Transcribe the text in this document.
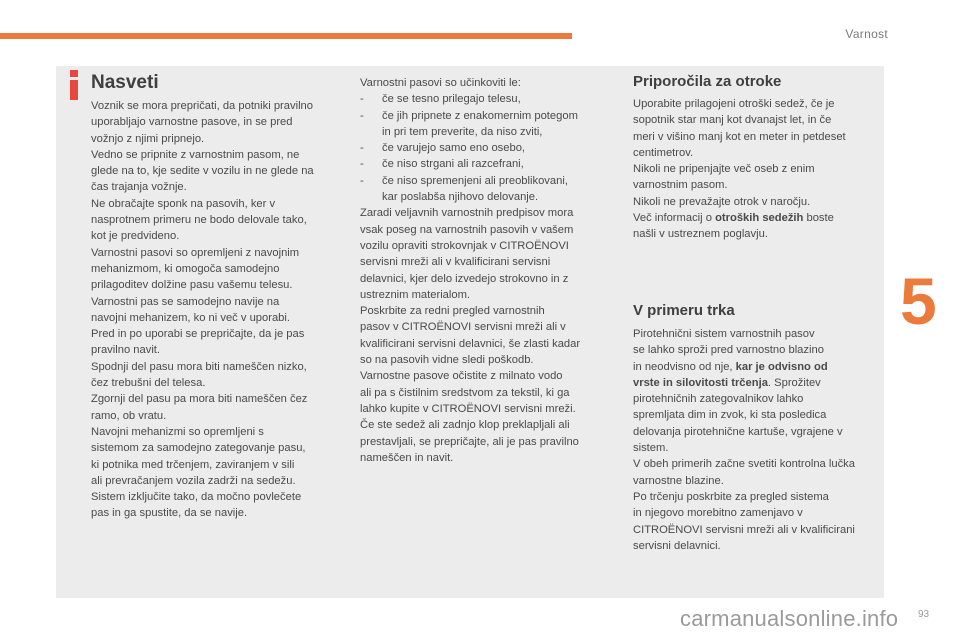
Varnost
5
Nasveti

Voznik se mora prepričati, da potniki pravilno

uporabljajo varnostne pasove, in se pred

vožnjo z njimi pripnejo.

Vedno se pripnite z varnostnim pasom, ne

glede na to, kje sedite v vozilu in ne glede na

čas trajanja vožnje.

Ne obračajte sponk na pasovih, ker v

nasprotnem primeru ne bodo delovale tako,

kot je predvideno.

Varnostni pasovi so opremljeni z navojnim

mehanizmom, ki omogoča samodejno

prilagoditev dolžine pasu vašemu telesu.

Varnostni pas se samodejno navije na

navojni mehanizem, ko ni več v uporabi.

Pred in po uporabi se prepričajte, da je pas

pravilno navit.

Spodnji del pasu mora biti nameščen nizko,

čez trebušni del telesa.

Zgornji del pasu pa mora biti nameščen čez

ramo, ob vratu.

Navojni mehanizmi so opremljeni s

sistemom za samodejno zategovanje pasu,

ki potnika med trčenjem, zaviranjem v sili

ali prevračanjem vozila zadrži na sedežu.

Sistem izključite tako, da močno povlečete

pas in ga spustite, da se navije.

Varnostni pasovi so učinkoviti le:

-	če se tesno prilegajo telesu,
-	če jih pripnete z enakomernim potegom

in pri tem preverite, da niso zviti,

-	če varujejo samo eno osebo,
-	če niso strgani ali razcefrani,
-	če niso spremenjeni ali preoblikovani,

kar poslabša njihovo delovanje.

Zaradi veljavnih varnostnih predpisov mora

vsak poseg na varnostnih pasovih v vašem

vozilu opraviti strokovnjak v CITROËNOVI

servisni mreži ali v kvalificirani servisni

delavnici, kjer delo izvedejo strokovno in z

ustreznim materialom.

Poskrbite za redni pregled varnostnih

pasov v CITROËNOVI servisni mreži ali v

kvalificirani servisni delavnici, še zlasti kadar

so na pasovih vidne sledi poškodb.

Varnostne pasove očistite z milnato vodo

ali pa s čistilnim sredstvom za tekstil, ki ga

lahko kupite v CITROËNOVI servisni mreži.

Če ste sedež ali zadnjo klop preklapljali ali

prestavljali, se prepričajte, ali je pas pravilno

nameščen in navit.

Priporočila za otroke

Uporabite prilagojeni otroški sedež, če je

sopotnik star manj kot dvanajst let, in če

meri v višino manj kot en meter in petdeset

centimetrov.

Nikoli ne pripenjajte več oseb z enim

varnostnim pasom.

Nikoli ne prevažajte otrok v naročju.

Več informacij o otroških sedežih boste

našli v ustreznem poglavju.

V primeru trka

Pirotehnični sistem varnostnih pasov

se lahko sproži pred varnostno blazino

in neodvisno od nje, kar je odvisno od

vrste in silovitosti trčenja. Sprožitev

pirotehničnih zategovalnikov lahko

spremljata dim in zvok, ki sta posledica

delovanja pirotehnične kartuše, vgrajene v

sistem.

V obeh primerih začne svetiti kontrolna lučka

varnostne blazine.

Po trčenju poskrbite za pregled sistema

in njegovo morebitno zamenjavo v

CITROËNOVI servisni mreži ali v kvalificirani

servisni delavnici.

carmanualsonline.info 93
